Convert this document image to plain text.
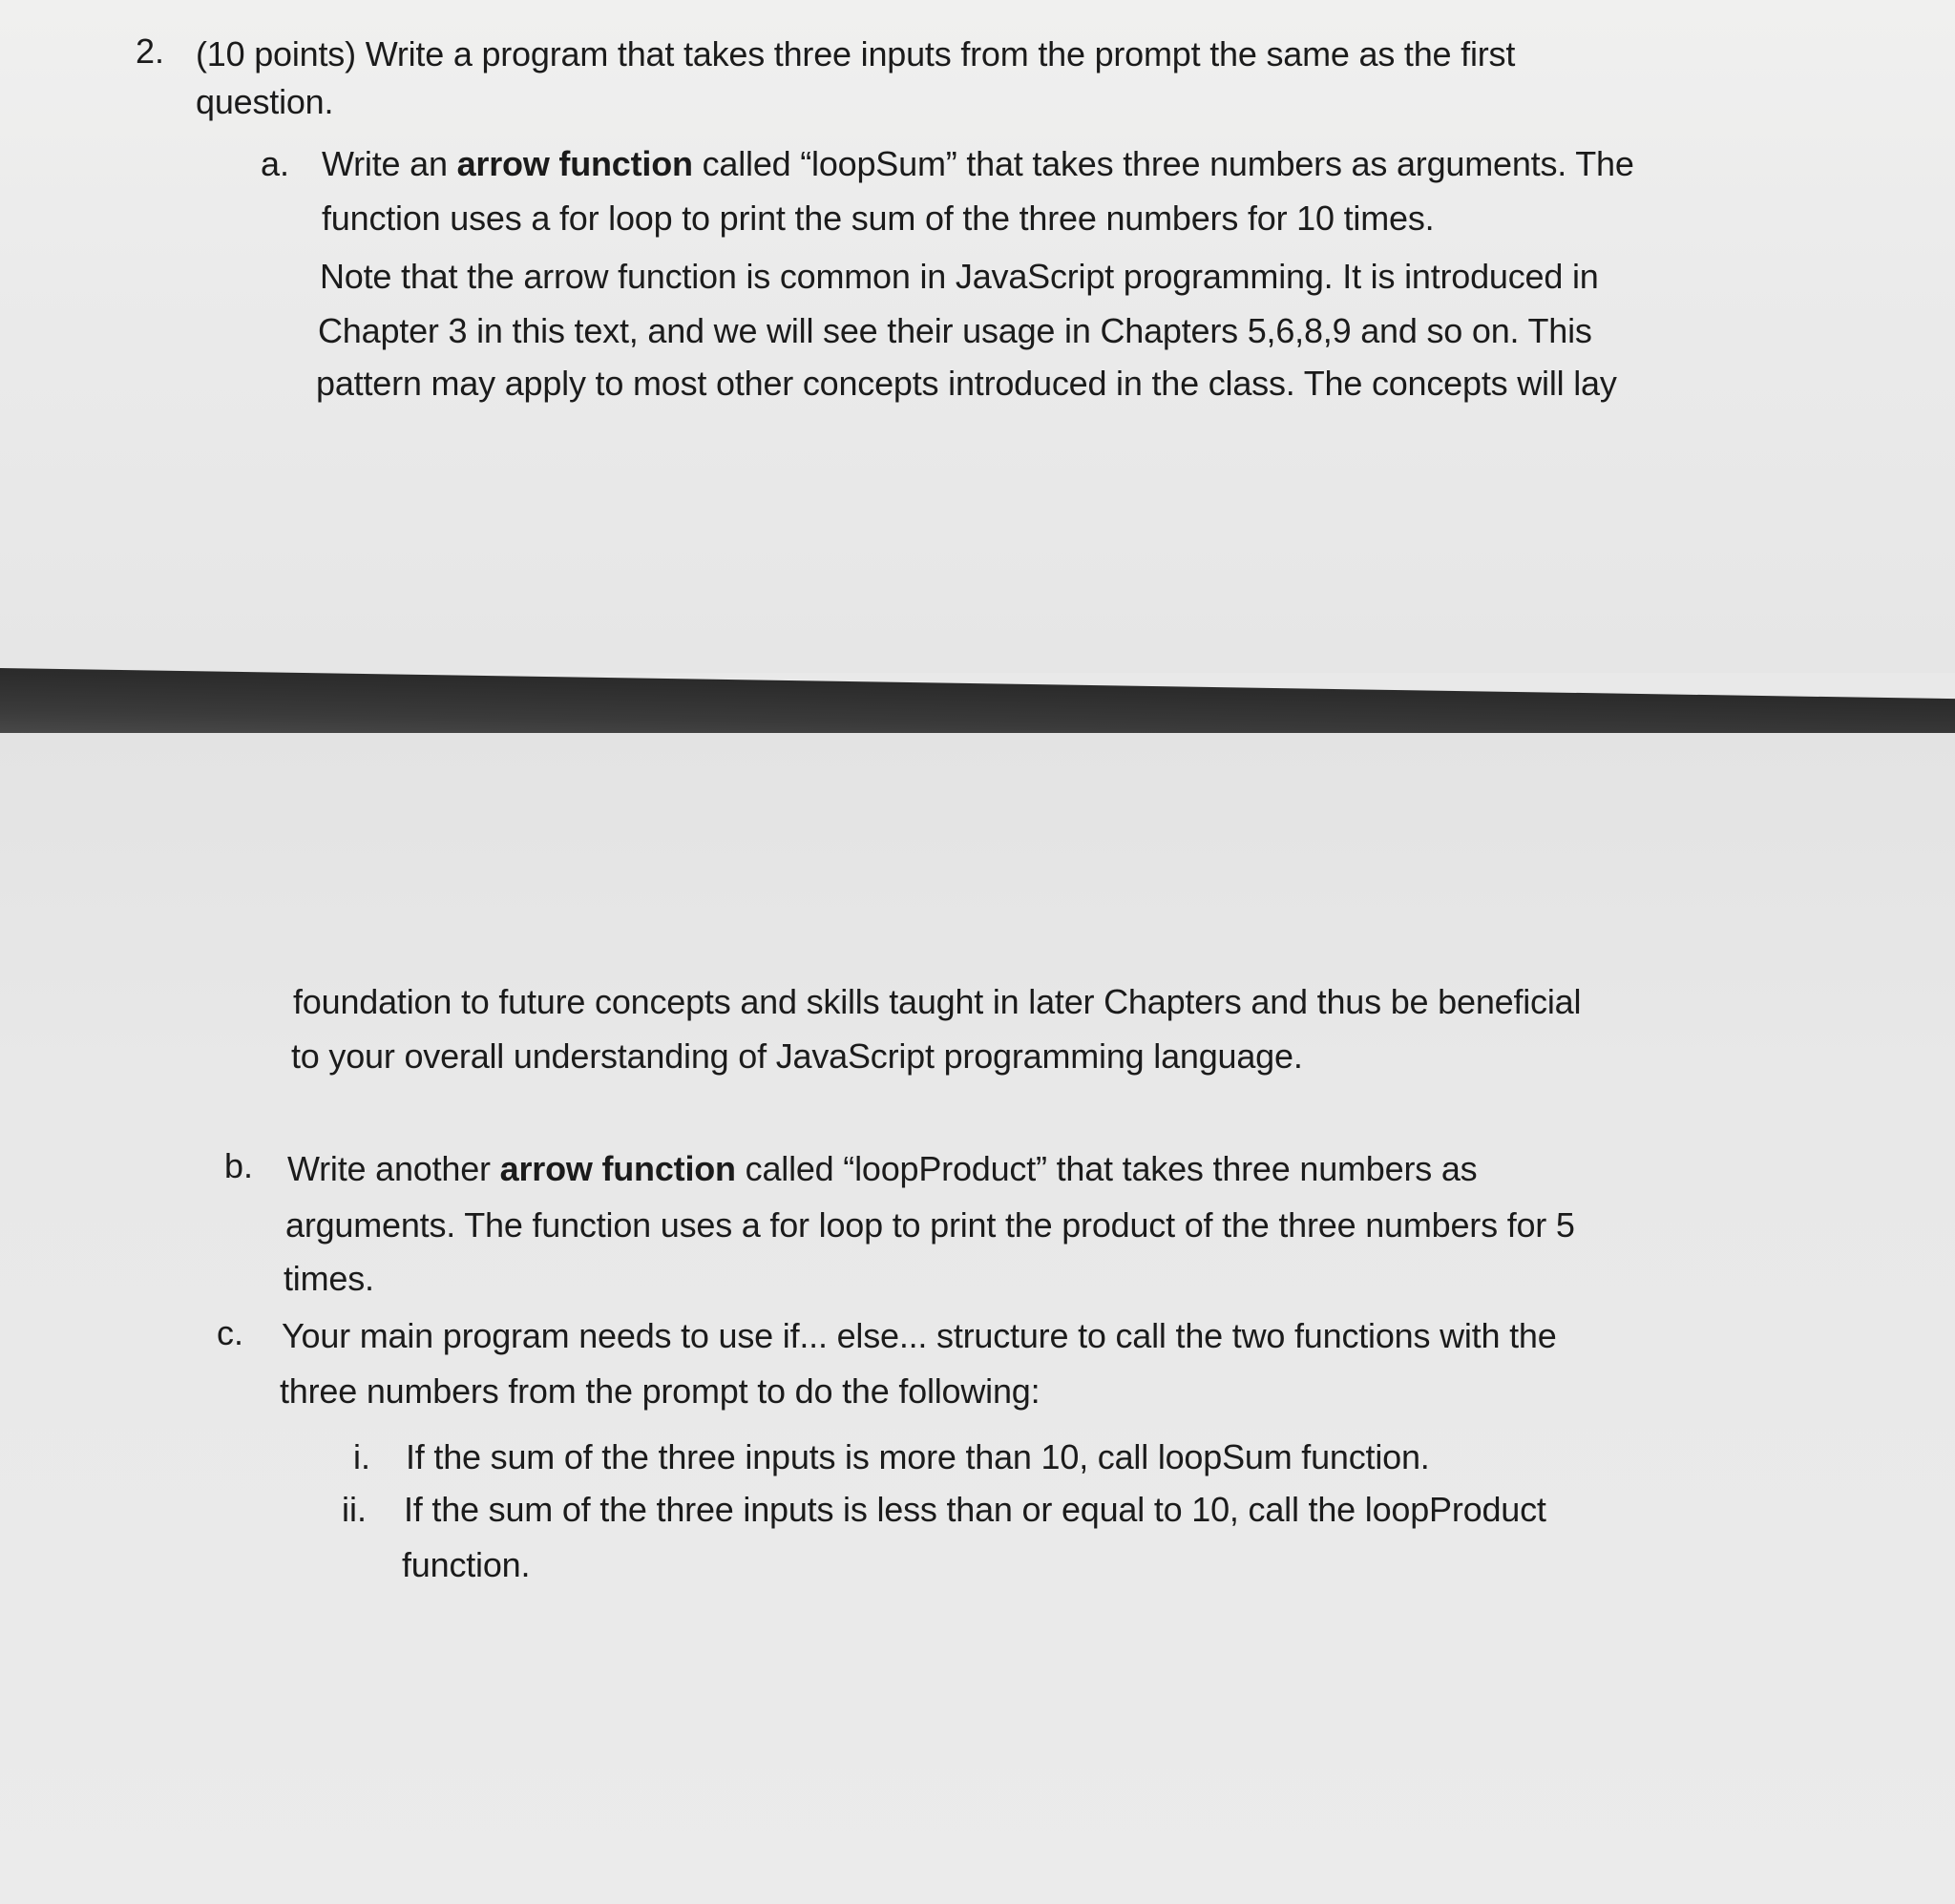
2. (10 points) Write a program that takes three inputs from the prompt the same as the first

question.

a. Write an arrow function called “loopSum” that takes three numbers as arguments. The

function uses a for loop to print the sum of the three numbers for 10 times.

Note that the arrow function is common in JavaScript programming. It is introduced in

Chapter 3 in this text, and we will see their usage in Chapters 5,6,8,9 and so on. This

pattern may apply to most other concepts introduced in the class. The concepts will lay

foundation to future concepts and skills taught in later Chapters and thus be beneficial

to your overall understanding of JavaScript programming language.

b. Write another arrow function called “loopProduct” that takes three numbers as

arguments. The function uses a for loop to print the product of the three numbers for 5

times.

c. Your main program needs to use if... else... structure to call the two functions with the

three numbers from the prompt to do the following:

i. If the sum of the three inputs is more than 10, call loopSum function.

ii. If the sum of the three inputs is less than or equal to 10, call the loopProduct

function.
